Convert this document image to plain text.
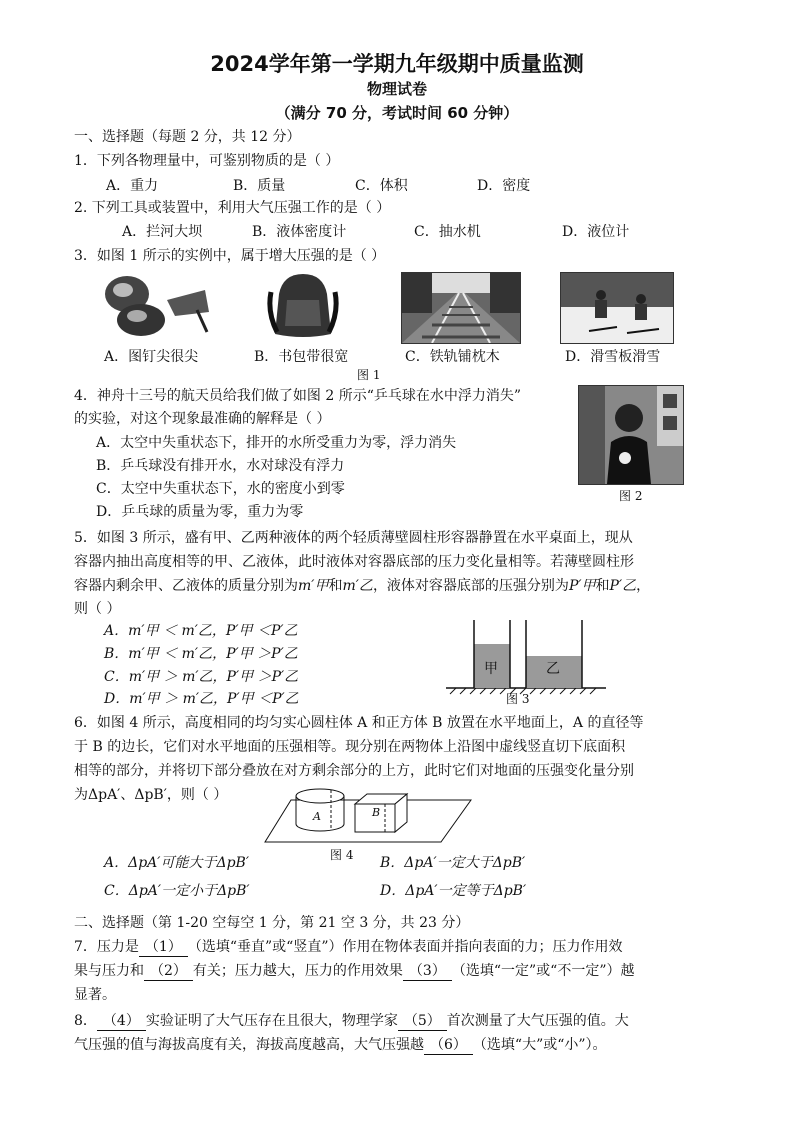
2024学年第一学期九年级期中质量监测
物理试卷
（满分 70 分，考试时间 60 分钟）
一、选择题（每题 2 分，共 12 分）
1．下列各物理量中，可鉴别物质的是（ ）
A．重力	B．质量	C．体积	D．密度
2. 下列工具或装置中，利用大气压强工作的是（ ）
A．拦河大坝	B．液体密度计	C．抽水机	D．液位计
3．如图 1 所示的实例中，属于增大压强的是（ ）
A．图钉尖很尖	B．书包带很宽	C．铁轨铺枕木	D．滑雪板滑雪
图 1
4．神舟十三号的航天员给我们做了如图 2 所示“乒乓球在水中浮力消失”
的实验，对这个现象最准确的解释是（ ）
A．太空中失重状态下，排开的水所受重力为零，浮力消失
B．乒乓球没有排开水，水对球没有浮力
C．太空中失重状态下，水的密度小到零
D．乒乓球的质量为零，重力为零
图 2
5．如图 3 所示，盛有甲、乙两种液体的两个轻质薄壁圆柱形容器静置在水平桌面上，现从
容器内抽出高度相等的甲、乙液体，此时液体对容器底部的压力变化量相等。若薄壁圆柱形
容器内剩余甲、乙液体的质量分别为m′甲和m′乙，液体对容器底部的压强分别为P′甲和P′乙，
则（ ）
A．m′甲 ＜ m′乙，P′甲 ＜P′乙
B．m′甲 ＜ m′乙，P′甲 ＞P′乙
C．m′甲 ＞ m′乙，P′甲 ＞P′乙
D．m′甲 ＞ m′乙，P′甲 ＜P′乙
甲	乙
图 3
6．如图 4 所示，高度相同的均匀实心圆柱体 A 和正方体 B 放置在水平地面上，A 的直径等
于 B 的边长，它们对水平地面的压强相等。现分别在两物体上沿图中虚线竖直切下底面积
相等的部分，并将切下部分叠放在对方剩余部分的上方，此时它们对地面的压强变化量分别
为ΔpA′、ΔpB′，则（ ）
A	B
图 4
A．ΔpA′可能大于ΔpB′	B．ΔpA′一定大于ΔpB′
C．ΔpA′一定小于ΔpB′	D．ΔpA′一定等于ΔpB′
二、选择题（第 1-20 空每空 1 分，第 21 空 3 分，共 23 分）
7．压力是 （1） （选填“垂直”或“竖直”）作用在物体表面并指向表面的力；压力作用效
果与压力和 （2） 有关；压力越大，压力的作用效果 （3） （选填“一定”或“不一定”）越
显著。
8． （4） 实验证明了大气压存在且很大，物理学家 （5） 首次测量了大气压强的值。大
气压强的值与海拔高度有关，海拔高度越高，大气压强越 （6） （选填“大”或“小”）。
